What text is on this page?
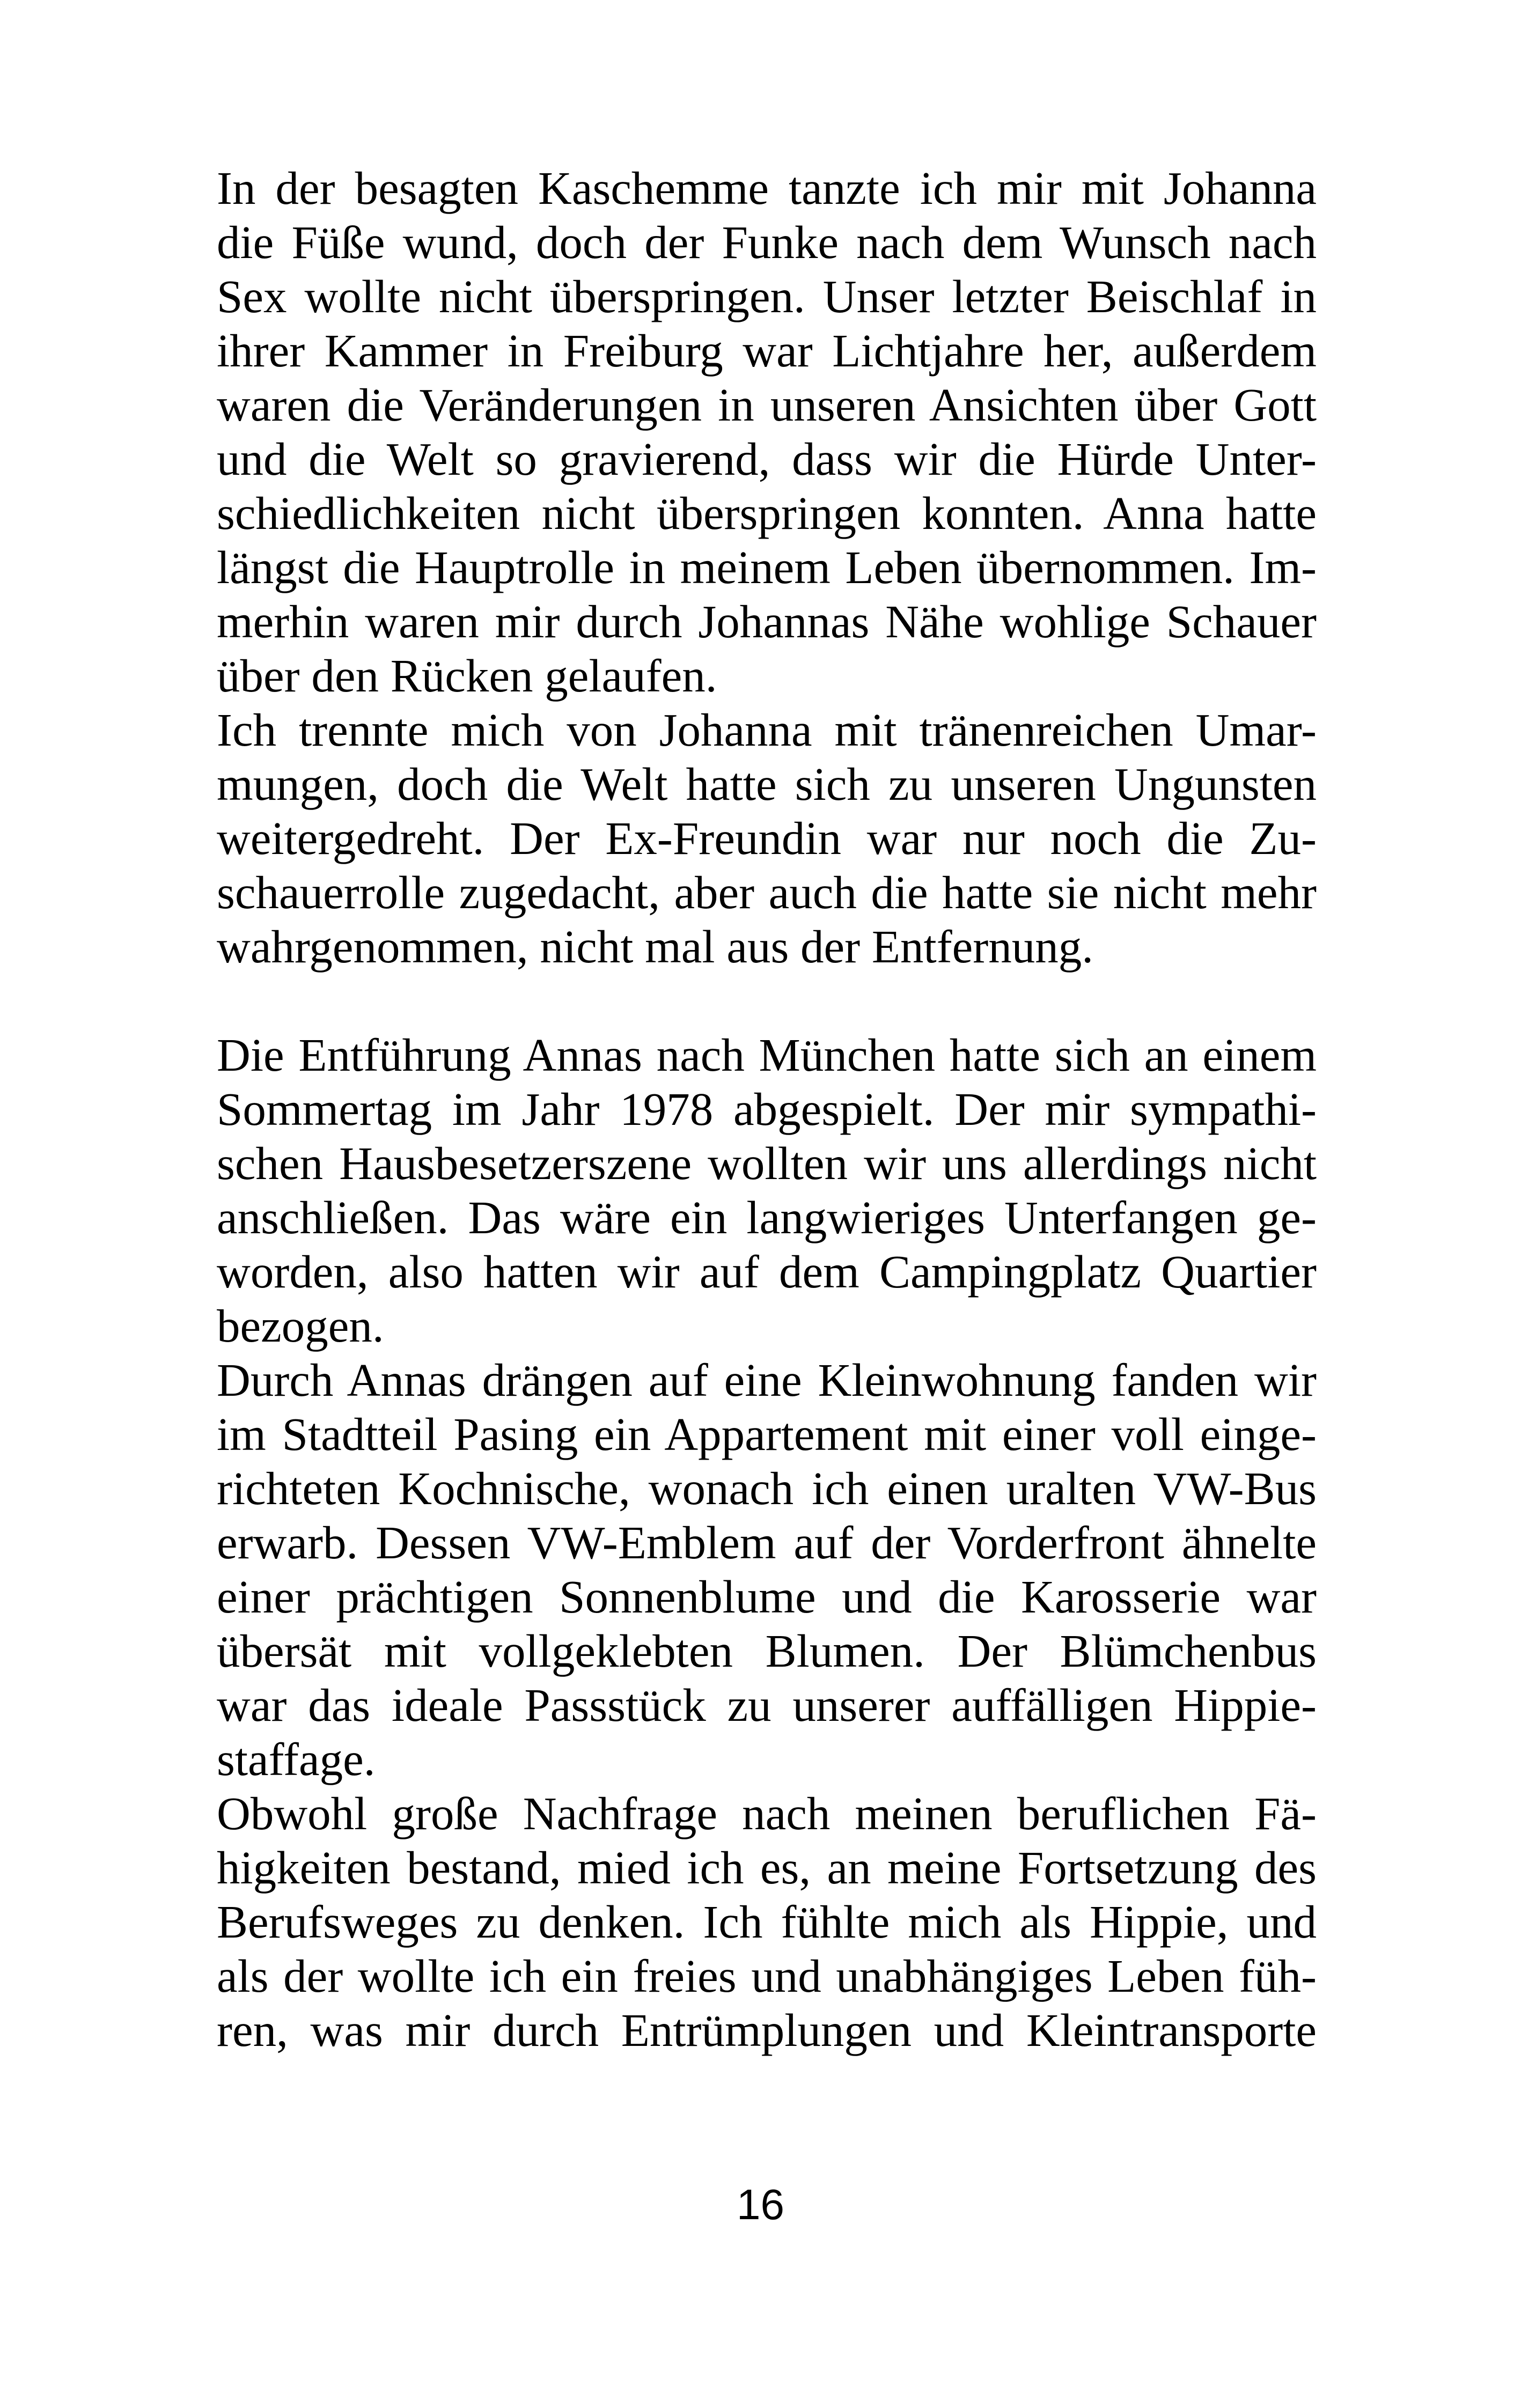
In der besagten Kaschemme tanzte ich mir mit Johanna
die Füße wund, doch der Funke nach dem Wunsch nach
Sex wollte nicht überspringen. Unser letzter Beischlaf in
ihrer Kammer in Freiburg war Lichtjahre her, außerdem
waren die Veränderungen in unseren Ansichten über Gott
und die Welt so gravierend, dass wir die Hürde Unter-
schiedlichkeiten nicht überspringen konnten. Anna hatte
längst die Hauptrolle in meinem Leben übernommen. Im-
merhin waren mir durch Johannas Nähe wohlige Schauer
über den Rücken gelaufen.
Ich trennte mich von Johanna mit tränenreichen Umar-
mungen, doch die Welt hatte sich zu unseren Ungunsten
weitergedreht. Der Ex-Freundin war nur noch die Zu-
schauerrolle zugedacht, aber auch die hatte sie nicht mehr
wahrgenommen, nicht mal aus der Entfernung.
Die Entführung Annas nach München hatte sich an einem
Sommertag im Jahr 1978 abgespielt. Der mir sympathi-
schen Hausbesetzerszene wollten wir uns allerdings nicht
anschließen. Das wäre ein langwieriges Unterfangen ge-
worden, also hatten wir auf dem Campingplatz Quartier
bezogen.
Durch Annas drängen auf eine Kleinwohnung fanden wir
im Stadtteil Pasing ein Appartement mit einer voll einge-
richteten Kochnische, wonach ich einen uralten VW-Bus
erwarb. Dessen VW-Emblem auf der Vorderfront ähnelte
einer prächtigen Sonnenblume und die Karosserie war
übersät mit vollgeklebten Blumen. Der Blümchenbus
war das ideale Passstück zu unserer auffälligen Hippie-
staffage.
Obwohl große Nachfrage nach meinen beruflichen Fä-
higkeiten bestand, mied ich es, an meine Fortsetzung des
Berufsweges zu denken. Ich fühlte mich als Hippie, und
als der wollte ich ein freies und unabhängiges Leben füh-
ren, was mir durch Entrümplungen und Kleintransporte
16
